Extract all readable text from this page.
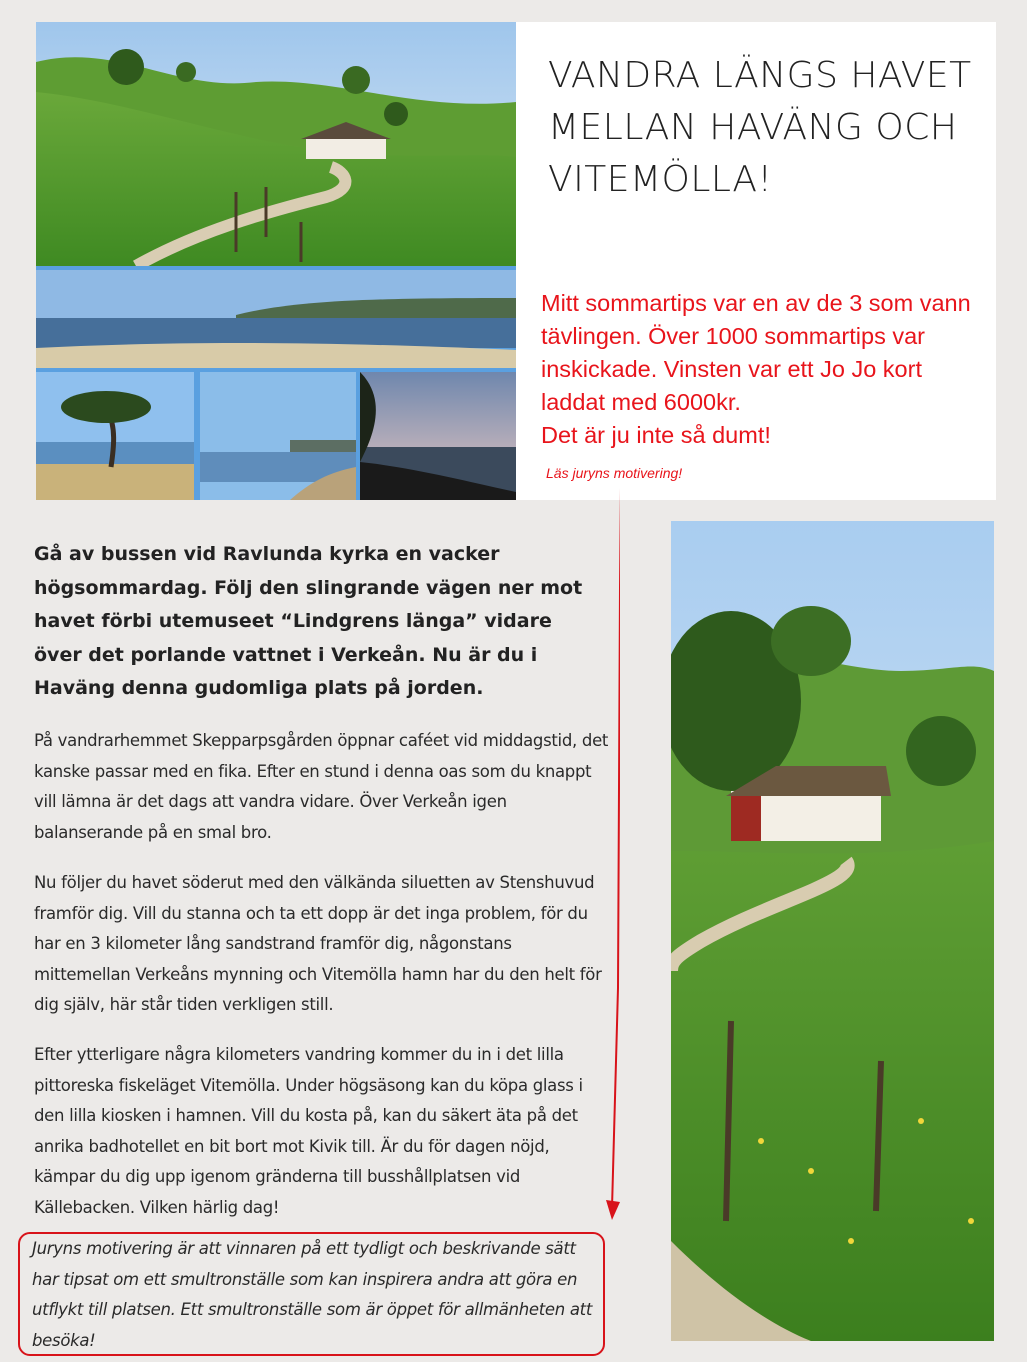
VANDRA LÄNGS HAVET MELLAN HAVÄNG OCH VITEMÖLLA!

Mitt sommartips var en av de 3 som vann tävlingen. Över 1000 sommartips var inskickade. Vinsten var ett Jo Jo kort laddat med 6000kr.
Det är ju inte så dumt!

Läs juryns motivering!

Gå av bussen vid Ravlunda kyrka en vacker högsommardag. Följ den slingrande vägen ner mot havet förbi utemuseet “Lindgrens länga” vidare över det porlande vattnet i Verkeån. Nu är du i Haväng denna gudomliga plats på jorden.

På vandrarhemmet Skepparpsgården öppnar caféet vid middagstid, det kanske passar med en fika. Efter en stund i denna oas som du knappt vill lämna är det dags att vandra vidare. Över Verkeån igen balanserande på en smal bro.

Nu följer du havet söderut med den välkända siluetten av Stenshuvud framför dig. Vill du stanna och ta ett dopp är det inga problem, för du har en 3 kilometer lång sandstrand framför dig, någonstans mittemellan Verkeåns mynning och Vitemölla hamn har du den helt för dig själv, här står tiden verkligen still.

Efter ytterligare några kilometers vandring kommer du in i det lilla pittoreska fiskeläget Vitemölla. Under högsäsong kan du köpa glass i den lilla kiosken i hamnen. Vill du kosta på, kan du säkert äta på det anrika badhotellet en bit bort mot Kivik till. Är du för dagen nöjd, kämpar du dig upp igenom gränderna till busshållplatsen vid Källebacken. Vilken härlig dag!

Juryns motivering är att vinnaren på ett tydligt och beskrivande sätt har tipsat om ett smultronställe som kan inspirera andra att göra en utflykt till platsen. Ett smultronställe som är öppet för allmänheten att besöka!
